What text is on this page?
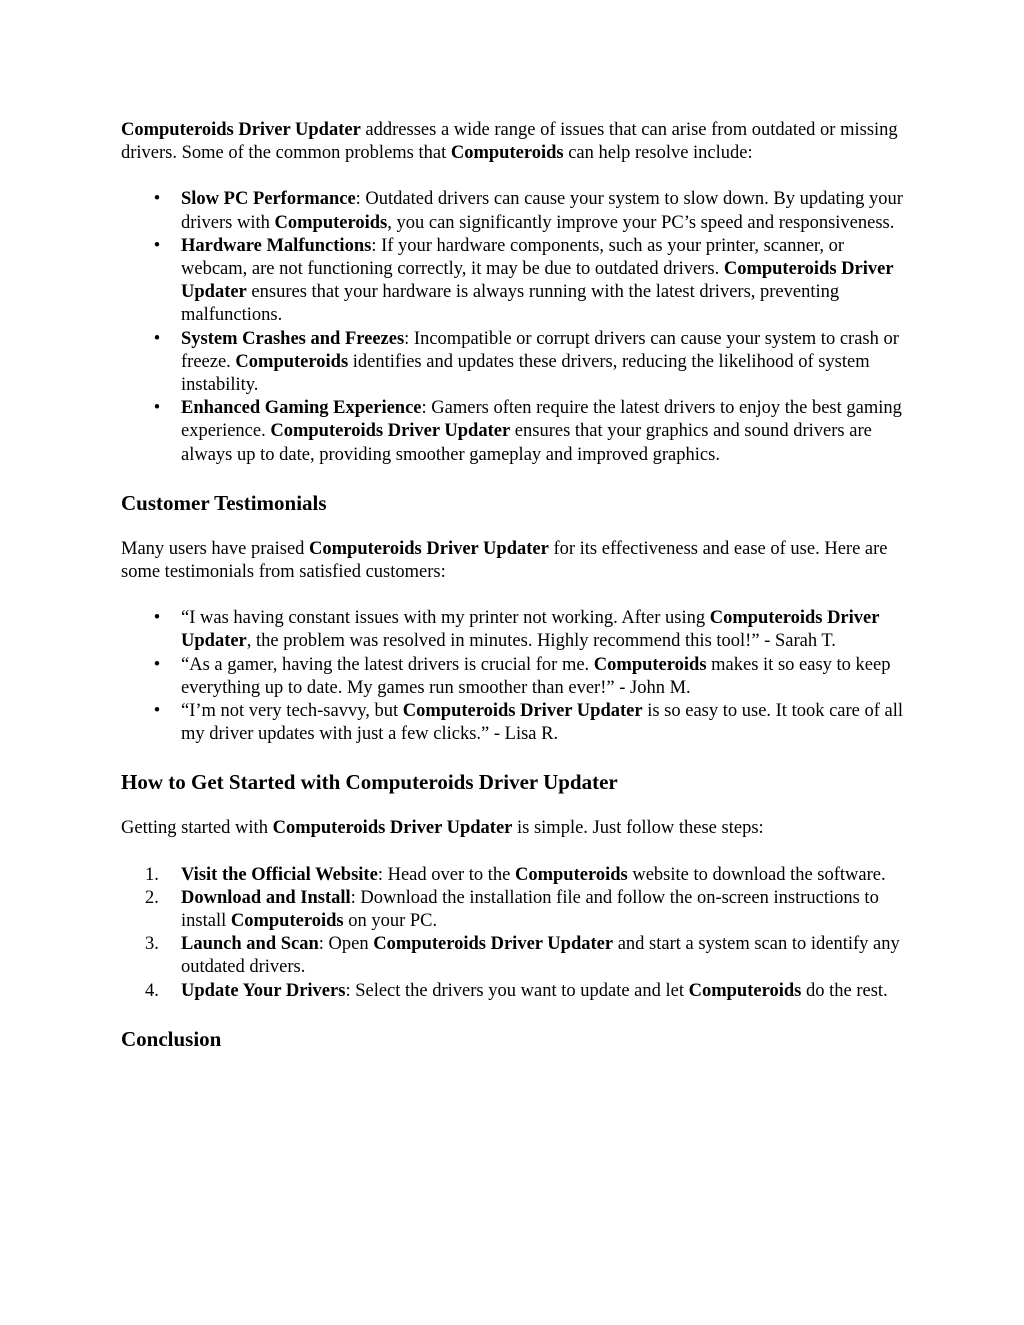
Computeroids Driver Updater addresses a wide range of issues that can arise from outdated or missing drivers. Some of the common problems that Computeroids can help resolve include:

•	Slow PC Performance: Outdated drivers can cause your system to slow down. By updating your drivers with Computeroids, you can significantly improve your PC’s speed and responsiveness.
•	Hardware Malfunctions: If your hardware components, such as your printer, scanner, or webcam, are not functioning correctly, it may be due to outdated drivers. Computeroids Driver Updater ensures that your hardware is always running with the latest drivers, preventing malfunctions.
•	System Crashes and Freezes: Incompatible or corrupt drivers can cause your system to crash or freeze. Computeroids identifies and updates these drivers, reducing the likelihood of system instability.
•	Enhanced Gaming Experience: Gamers often require the latest drivers to enjoy the best gaming experience. Computeroids Driver Updater ensures that your graphics and sound drivers are always up to date, providing smoother gameplay and improved graphics.
Customer Testimonials

Many users have praised Computeroids Driver Updater for its effectiveness and ease of use. Here are some testimonials from satisfied customers:

•	“I was having constant issues with my printer not working. After using Computeroids Driver Updater, the problem was resolved in minutes. Highly recommend this tool!” - Sarah T.
•	“As a gamer, having the latest drivers is crucial for me. Computeroids makes it so easy to keep everything up to date. My games run smoother than ever!” - John M.
•	“I’m not very tech-savvy, but Computeroids Driver Updater is so easy to use. It took care of all my driver updates with just a few clicks.” - Lisa R.
How to Get Started with Computeroids Driver Updater

Getting started with Computeroids Driver Updater is simple. Just follow these steps:

1.	Visit the Official Website: Head over to the Computeroids website to download the software.
2.	Download and Install: Download the installation file and follow the on-screen instructions to install Computeroids on your PC.
3.	Launch and Scan: Open Computeroids Driver Updater and start a system scan to identify any outdated drivers.
4.	Update Your Drivers: Select the drivers you want to update and let Computeroids do the rest.
Conclusion
